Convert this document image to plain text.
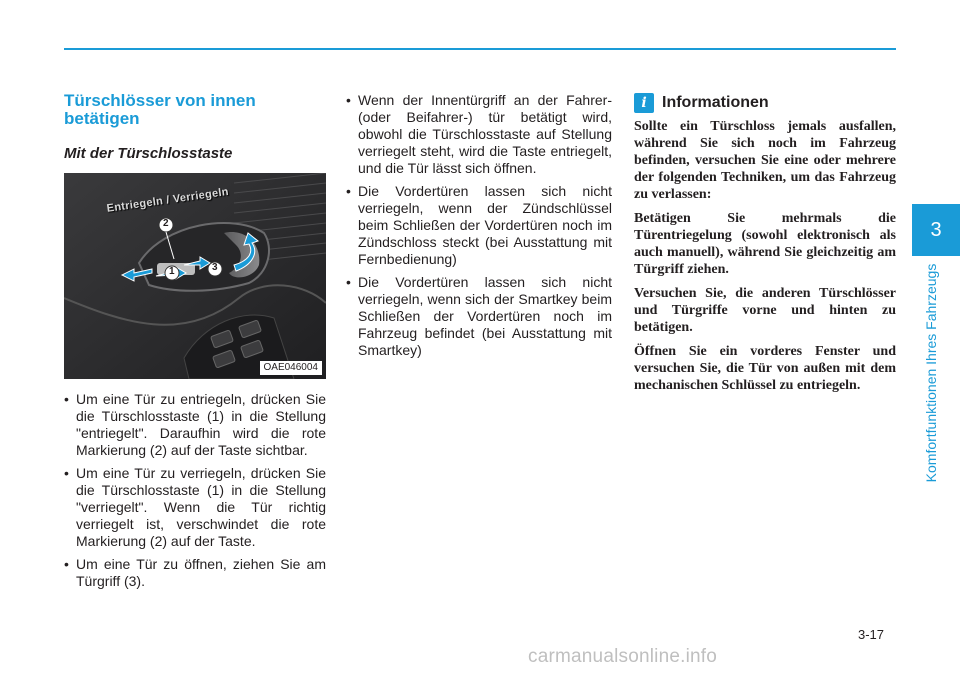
Türschlösser von innen betätigen
Mit der Türschlosstaste
Entriegeln / Verriegeln
1
2
3
OAE046004
• Um eine Tür zu entriegeln, drücken Sie die Türschlosstaste (1) in die Stellung "entriegelt". Daraufhin wird die rote Markierung (2) auf der Taste sichtbar.
• Um eine Tür zu verriegeln, drücken Sie die Türschlosstaste (1) in die Stellung "verriegelt". Wenn die Tür richtig verriegelt ist, verschwindet die rote Markierung (2) auf der Taste.
• Um eine Tür zu öffnen, ziehen Sie am Türgriff (3).
• Wenn der Innentürgriff an der Fahrer- (oder Beifahrer-) tür betätigt wird, obwohl die Türschlosstaste auf Stellung verriegelt steht, wird die Taste entriegelt, und die Tür lässt sich öffnen.
• Die Vordertüren lassen sich nicht verriegeln, wenn der Zündschlüssel beim Schließen der Vordertüren noch im Zündschloss steckt (bei Ausstattung mit Fernbedienung)
• Die Vordertüren lassen sich nicht verriegeln, wenn sich der Smartkey beim Schließen der Vordertüren noch im Fahrzeug befindet (bei Ausstattung mit Smartkey)
i Informationen

Sollte ein Türschloss jemals ausfallen, während Sie sich noch im Fahrzeug befinden, versuchen Sie eine oder mehrere der folgenden Techniken, um das Fahrzeug zu verlassen:

Betätigen Sie mehrmals die Türentriegelung (sowohl elektronisch als auch manuell), während Sie gleichzeitig am Türgriff ziehen.

Versuchen Sie, die anderen Türschlösser und Türgriffe vorne und hinten zu betätigen.

Öffnen Sie ein vorderes Fenster und versuchen Sie, die Tür von außen mit dem mechanischen Schlüssel zu entriegeln.

3
Komfortfunktionen Ihres Fahrzeugs
3-17
carmanualsonline.info
